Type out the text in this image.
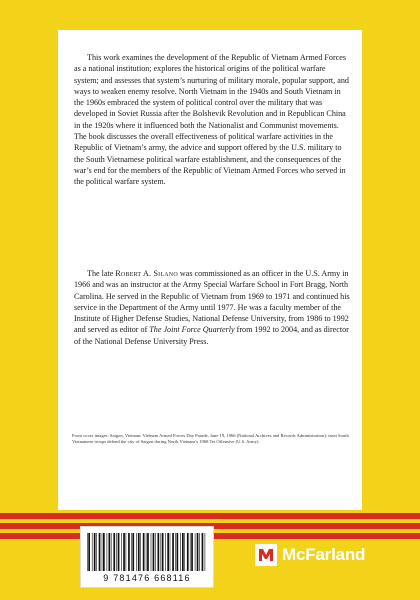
This work examines the development of the Republic of Vietnam Armed Forces as a national institution; explores the historical origins of the political warfare system; and assesses that system’s nurturing of military morale, popular support, and ways to weaken enemy resolve. North Vietnam in the 1940s and South Vietnam in the 1960s embraced the system of political control over the military that was developed in Soviet Russia after the Bolshevik Revolution and in Republican China in the 1920s where it influenced both the Nationalist and Communist movements. The book discusses the overall effectiveness of political warfare activities in the Republic of Vietnam’s army, the advice and support offered by the U.S. military to the South Vietnamese political warfare establishment, and the consequences of the war’s end for the members of the Republic of Vietnam Armed Forces who served in the political warfare system.

The late Robert A. Silano was commissioned as an officer in the U.S. Army in 1966 and was an instructor at the Army Special Warfare School in Fort Bragg, North Carolina. He served in the Republic of Vietnam from 1969 to 1971 and continued his service in the Department of the Army until 1977. He was a faculty member of the Institute of Higher Defense Studies, National Defense University, from 1986 to 1992 and served as editor of The Joint Force Quarterly from 1992 to 2004, and as director of the National Defense University Press.

Front cover images: Saigon, Vietnam. Vietnam Armed Forces Day Parade, June 19, 1966 (National Archives and Records Administration); inset South Vietnamese troops defend the city of Saigon during North Vietnam’s 1968 Tet Offensive (U.S. Army).

9 781476 668116
McFarland
